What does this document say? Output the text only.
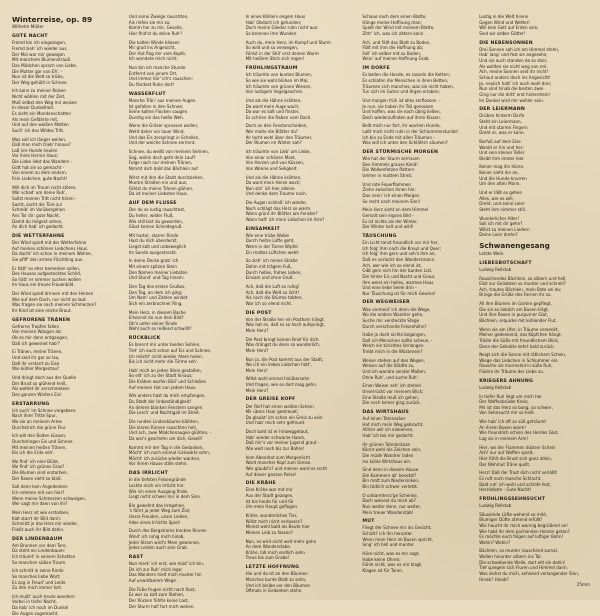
Winterreise, op. 89
Wilhelm Müller
GUTE NACHT
Fremd bin ich eingezogen,
Fremd zieh' ich wieder aus.
Der Mai war mir gewogen
Mit manchem Blumenstrauß.
Das Mädchen sprach von Liebe,
Die Mutter gar von Eh', -
Nun ist die Welt so trübe,
Der Weg gehüllt in Schnee.
Ich kann zu meiner Reisen
Nicht wählen mit der Zeit,
Muß selbst den Weg mir weisen
In dieser Dunkelheit.
Es zieht ein Mondenschatten
Als mein Gefährte mit,
Und auf den weißen Matten
Such' ich des Wildes Tritt.
Was soll ich länger weilen,
Daß man mich trieb' hinaus?
Laß irre Hunde heulen
Vor ihres Herren Haus;
Die Liebe liebt das Wandern -
Gott hat sie so gemacht -
Von einem zu dem andern.
Fein Liebchen, gute Nacht!
Will dich im Traum nicht stören,
Wär schad' um deine Ruh',
Sollst meinen Tritt nicht hören -
Sacht, sacht die Türe zu!
Schreib' im Vorübergehen
Ans Tor dir: gute Nacht,
Damit du mögest sehen,
An dich hab' ich gedacht.
DIE WETTERFAHNE
Der Wind spielt mit der Wetterfahne
Auf meines schönen Liebchens Haus.
Da dacht' ich schon in meinem Wahne,
Sie pfiff' den armen Flüchtling aus.
Er hätt' es eher bemerken sollen,
Des Hauses aufgestecktes Schild,
So hätt' er nimmer suchen wollen
Im Haus ein treues Frauenbild.
Der Wind spielt drinnen mit den Herzen
Wie auf dem Dach, nur nicht so laut.
Was fragen sie nach meinen Schmerzen?
Ihr Kind ist eine reiche Braut.
GEFRORENE TRÄNEN
Gefrorne Tropfen fallen
Von meinen Wangen ab:
Ob es mir denn entgangen,
Daß ich geweinet hab'?
Ei Tränen, meine Tränen,
Und seid ihr gar so lau,
Daß ihr erstarrt zu Eise
Wie kühler Morgentau?
Und dringt doch aus der Quelle
Der Brust so glühend heiß,
Als wolltet ihr zerschmelzen
Des ganzen Winters Eis!
ERSTARRUNG
Ich such' im Schnee vergebens
Nach ihrer Tritte Spur,
Wo sie an meinem Arme
Durchstrich die grüne Flur.
Ich will den Boden küssen,
Durchdringen Eis und Schnee
Mit meinen heißen Tränen,
Bis ich die Erde seh'.
Wo find' ich eine Blüte,
Wo find' ich grünes Gras?
Die Blumen sind erstorben,
Der Rasen sieht so blaß.
Soll denn kein Angedenken
Ich nehmen mit von hier?
Wenn meine Schmerzen schweigen,
Wer sagt mir dann von ihr?
Mein Herz ist wie erstorben,
Kalt starrt ihr Bild darin:
Schmilzt je das Herz mir wieder,
Fließt auch ihr Bild dahin.
DER LINDENBAUM
Am Brunnen vor dem Tore,
Da steht ein Lindenbaum:
Ich träumt' in seinem Schatten
So manchen süßen Traum.
Ich schnitt in seine Rinde
So manches liebe Wort;
Es zog in Freud' und Leide
Zu ihm mich immer fort.
Ich mußt' auch heute wandern
Vorbei in tiefer Nacht,
Da hab' ich noch im Dunkel
Die Augen zugemacht.
Und seine Zweige rauschten,
Als riefen sie mir zu:
Komm her zu mir, Geselle,
Hier find'st du deine Ruh'!
Die kalten Winde bliesen
Mir grad ins Angesicht,
Der Hut flog mir vom Kopfe,
Ich wendete mich nicht.
Nun bin ich manche Stunde
Entfernt von jenem Ort,
Und immer hör' ich's rauschen:
Du fändest Ruhe dort!
WASSERFLUT
Manche Trän' aus meinen Augen
Ist gefallen in den Schnee;
Seine kalten Flocken saugen
Durstig ein das heiße Weh.
Wenn die Gräser sprossen wollen,
Weht daher ein lauer Wind,
Und das Eis zerspringt in Schollen,
Und der weiche Schnee zerrinnt.
Schnee, du weißt von meinem Sehnen,
Sag, wohin doch geht dein Lauf?
Folge nach nur meinen Tränen,
Nimmt dich bald das Bächlein auf.
Wirst mit ihm die Stadt durchziehen,
Muntre Straßen ein und aus;
Fühlst du meine Tränen glühen,
Da ist meiner Liebsten Haus.
AUF DEM FLUSSE
Der du so lustig rauschtest,
Du heller, wilder Fluß,
Wie still bist du geworden,
Gibst keinen Scheidegruß.
Mit harter, starrer Rinde
Hast du dich überdeckt,
Liegst kalt und unbeweglich
Im Sande ausgestreckt.
In deine Decke grab' ich
Mit einem spitzen Stein
Den Namen meiner Liebsten
Und Stund' und Tag hinein:
Den Tag des ersten Grußes,
Den Tag, an dem ich ging;
Um Nam' und Zahlen windet
Sich ein zerbrochner Ring.
Mein Herz, in diesem Bache
Erkennst du nun dein Bild?
Ob's unter seiner Rinde
Wohl auch so reißend schwillt?
RÜCKBLICK
Es brennt mir unter beiden Sohlen,
Tret' ich auch schon auf Eis und Schnee,
Ich möcht' nicht wieder Atem holen,
Bis ich nicht mehr die Türme seh'.
Hab' mich an jeden Stein gestoßen,
So eilt' ich zu der Stadt hinaus;
Die Krähen warfen Bäll' und Schloßen
Auf meinen Hut von jedem Haus.
Wie anders hast du mich empfangen,
Du Stadt der Unbeständigkeit!
An deinen blanken Fenstern sangen
Die Lerch' und Nachtigall im Streit.
Die runden Lindenbäume blühten,
Die klaren Rinnen rauschten hell,
Und ach, zwei Mädchenaugen glühten, -
Da war's geschehn um dich, Gesell!
Kommt mir der Tag in die Gedanken,
Möcht' ich noch einmal rückwärts sehn,
Möcht' ich zurücke wieder wanken,
Vor ihrem Hause stille stehn.
DAS IRRLICHT
In die tiefsten Felsengründe
Lockte mich ein Irrlicht hin:
Wie ich einen Ausgang finde,
Liegt nicht schwer mir in dem Sinn.
Bin gewohnt das Irregehen,
's führt ja jeder Weg zum Ziel;
Unsre Freuden, unsre Leiden,
Alles eines Irrlichts Spiel!
Durch des Bergstroms trockne Rinnen
Wind' ich ruhig mich hinab,
Jeder Strom wird's Meer gewinnen,
Jedes Leiden auch sein Grab.
RAST
Nun merk' ich erst, wie müd' ich bin,
Da ich zur Ruh' mich lege;
Das Wandern hielt mich munter hin
Auf unwirtbarem Wege.
Die Füße frugen nicht nach Rast,
Es war zu kalt zum Stehen,
Der Rücken fühlte keine Last,
Der Sturm half fort mich wehen.
In eines Köhlers engem Haus
Hab' Obdach ich gefunden;
Doch meine Glieder ruhn nicht aus:
So brennen ihre Wunden.
Auch du, mein Herz, im Kampf und Sturm
So wild und so verwegen,
Fühlst in der Still' erst deinen Wurm
Mit heißem Stich sich regen!
FRÜHLINGSTRAUM
Ich träumte von bunten Blumen,
So wie sie wohl blühen im Mai;
Ich träumte von grünen Wiesen,
Von lustigem Vogelgeschrei.
Und als die Hähne krähten,
Da ward mein Auge wach;
Da war es kalt und finster,
Es schrien die Raben vom Dach.
Doch an den Fensterscheiben,
Wer malte die Blätter da?
Ihr lacht wohl über den Träumer,
Der Blumen im Winter sah?
Ich träumte von Lieb' um Liebe,
Von einer schönen Maid,
Von Herzen und von Küssen,
Von Wonne und Seligkeit.
Und als die Hähne krähten,
Da ward mein Herze wach;
Nun sitz' ich hier alleine
Und denke dem Traume nach.
Die Augen schließ' ich wieder,
Noch schlägt das Herz so warm.
Wann grünt ihr Blätter am Fenster?
Wann halt' ich mein Liebchen im Arm?
EINSAMKEIT
Wie eine trübe Wolke
Durch heitre Lüfte geht,
Wenn in der Tanne Wipfel
Ein mattes Lüftchen weht:
So zieh' ich meine Straße
Dahin mit trägem Fuß,
Durch helles, frohes Leben,
Einsam und ohne Gruß.
Ach, daß die Luft so ruhig!
Ach, daß die Welt so licht!
Als noch die Stürme tobten,
War ich so elend nicht.
DIE POST
Von der Straße her ein Posthorn klingt.
Was hat es, daß es so hoch aufspringt,
Mein Herz?
Die Post bringt keinen Brief für dich.
Was drängst du denn so wunderlich,
Mein Herz?
Nun ja, die Post kommt aus der Stadt,
Wo ich ein liebes Liebchen hatt',
Mein Herz!
Willst wohl einmal hinübersehn
Und fragen, wie es dort mag gehn,
Mein Herz?
DER GREISE KOPF
Der Reif hat einen weißen Schein
Mir übers Haar gestreuet;
Da glaubt' ich schon ein Greis zu sein
Und hab' mich sehr gefreuet.
Doch bald ist er hinweggetaut,
Hab' wieder schwarze Haare,
Daß mir's vor meiner Jugend graut -
Wie weit noch bis zur Bahre!
Vom Abendrot zum Morgenlicht
Ward mancher Kopf zum Greise.
Wer glaubt's? und meiner ward es nicht
Auf dieser ganzen Reise!
DIE KRÄHE
Eine Krähe war mit mir
Aus der Stadt gezogen,
Ist bis heute für und für
Um mein Haupt geflogen.
Krähe, wunderliches Tier,
Willst mich nicht verlassen?
Meinst wohl bald als Beute hier
Meinen Leib zu fassen?
Nun, es wird nicht weit mehr gehn
An dem Wanderstabe.
Krähe, laß mich endlich sehn
Treue bis zum Grabe!
LETZTE HOFFNUNG
Hie und da ist an den Bäumen
Manches bunte Blatt zu sehn,
Und ich bleibe vor den Bäumen
Oftmals in Gedanken stehn.
Schaue nach dem einen Blatte,
Hänge meine Hoffnung dran;
Spielt der Wind mit meinem Blatte,
Zittr' ich, was ich zittern kann.
Ach, und fällt das Blatt zu Boden,
Fällt mit ihm die Hoffnung ab;
Fall' ich selber mit zu Boden,
Wein' auf meiner Hoffnung Grab.
IM DORFE
Es bellen die Hunde, es rasseln die Ketten;
Es schlafen die Menschen in ihren Betten,
Träumen sich manches, was sie nicht haben,
Tun sich im Guten und Argen erlaben;
Und morgen früh ist alles zerflossen. -
Je nun, sie haben ihr Teil genossen
Und hoffen, was sie noch übrig ließen,
Doch wiederzufinden auf ihren Kissen.
Bellt mich nur fort, ihr wachen Hunde,
Laßt mich nicht ruhn in der Schlummerstunde!
Ich bin zu Ende mit allen Träumen -
Was will ich unter den Schläfern säumen?
DER STÜRMISCHE MORGEN
Wie hat der Sturm zerrissen
Des Himmels graues Kleid!
Die Wolkenfetzen flattern
Umher in mattem Streit.
Und rote Feuerflammen
Ziehn zwischen ihnen hin:
Das nenn' ich einen Morgen
So recht nach meinem Sinn!
Mein Herz sieht an dem Himmel
Gemalt sein eignes Bild -
Es ist nichts als der Winter,
Der Winter kalt und wild!
TÄUSCHUNG
Ein Licht tanzt freundlich vor mir her,
Ich folg' ihm nach die Kreuz und Quer;
Ich folg' ihm gern und seh's ihm an,
Daß es verlockt den Wandersmann.
Ach, wer wie ich so elend ist,
Gibt gern sich hin der bunten List,
Die hinter Eis und Nacht und Graus
Ihm weist ein helles, warmes Haus
Und eine liebe Seele drin -
Nur Täuschung ist für mich Gewinn!
DER WEGWEISER
Was vermeid' ich denn die Wege,
Wo die andern Wandrer gehn,
Suche mir versteckte Stege
Durch verschneite Felsenhöhn?
Habe ja doch nichts begangen,
Daß ich Menschen sollte scheun, -
Welch ein törichtes Verlangen
Treibt mich in die Wüstenein?
Weiser stehen auf den Wegen,
Weisen auf die Städte zu,
Und ich wandre sonder Maßen,
Ohne Ruh', und suche Ruh'.
Einen Weiser seh' ich stehen
Unverrückt vor meinem Blick;
Eine Straße muß ich gehen,
Die noch keiner ging zurück.
DAS WIRTSHAUS
Auf einen Totenacker
Hat mich mein Weg gebracht.
Allhier will ich einkehren,
Hab' ich bei mir gedacht.
Ihr grünen Totenkränze
Könnt wohl die Zeichen sein,
Die müde Wandrer laden
Ins kühle Wirtshaus ein.
Sind denn in diesem Hause
Die Kammern all' besetzt?
Bin matt zum Niedersinken,
Bin tödlich schwer verletzt.
O unbarmherz'ge Schenke,
Doch weisest du mich ab?
Nun weiter denn, nur weiter,
Mein treuer Wanderstab!
MUT
Fliegt der Schnee mir ins Gesicht,
Schüttl' ich ihn herunter.
Wenn mein Herz im Busen spricht,
Sing' ich hell und munter.
Höre nicht, was es mir sagt,
Habe keine Ohren;
Fühle nicht, was es mir klagt,
Klagen ist für Toren.
Lustig in die Welt hinein
Gegen Wind und Wetter!
Will kein Gott auf Erden sein,
Sind wir selber Götter!
DIE NEBENSONNEN
Drei Sonnen sah ich am Himmel stehn,
Hab' lang' und fest sie angesehn;
Und sie auch standen da so stier,
Als wollten sie nicht weg von mir.
Ach, meine Sonnen seid ihr nicht!
Schaut andern doch ins Angesicht!
Ja, neulich hatt' ich auch wohl drei;
Nun sind hinab die besten zwei.
Ging nur die dritt' erst hinterdrein!
Im Dunkel wird mir wohler sein.
DER LEIERMANN
Drüben hinterm Dorfe
Steht ein Leiermann,
Und mit starren Fingern
Dreht er, was er kann.
Barfuß auf dem Eise
Wankt er hin und her;
Und sein kleiner Teller
Bleibt ihm immer leer.
Keiner mag ihn hören,
Keiner sieht ihn an,
Und die Hunde knurren
Um den alten Mann.
Und er läßt es gehen
Alles, wie es will,
Dreht, und seine Leier
Steht ihm nimmer still.
Wunderlicher Alter!
Soll ich mit dir gehn?
Willst zu meinen Liedern
Deine Leier drehn?
Schwanengesang
Letzte Werk
LIEBESBOTSCHAFT
Ludwig Rellstab
Rauschendes Bächlein, so silbern und hell,
Eilst zur Geliebten so munter und schnell?
Ach, trautes Bächlein, mein Bote sei du;
Bringe die Grüße des Fernen ihr zu.
All ihre Blumen im Garten gepflegt,
Die sie so lieblich am Busen trägt,
Und ihre Rosen in purpurner Glut,
Bächlein, erquicke mit kühlender Flut.
Wenn sie am Ufer, in Träume versenkt,
Meiner gedenkend, das Köpfchen hängt,
Tröste die Süße mit freundlichem Blick,
Denn der Geliebte kehrt bald zurück.
Neigt sich die Sonne mit rötlichem Schein,
Wiege das Liebchen in Schlummer ein.
Rausche sie murmelnd in süße Ruh,
Flüstre ihr Träume der Liebe zu.
KRIEGERS AHNUNG
Ludwig Rellstab
In tiefer Ruh liegt um mich her
Der Waffenbrüder Kreis;
Mir ist das Herz so bang, so schwer,
Von Sehnsucht mir so heiß.
Wie hab' ich oft so süß geträumt
An ihrem Busen warm!
Wie freundlich schien des Herdes Glut,
Lag sie in meinem Arm!
Hier, wo der Flammen düstrer Schein
Ach! nur auf Waffen spielt,
Hier fühlt die Brust sich ganz allein,
Der Wehmut Träne quillt.
Herz! Daß der Trost dich nicht verläßt!
Es ruft noch manche Schlacht.
Bald ruh' ich wohl und schlafe fest,
Herzliebste - Gute Nacht!
FRÜHLINGSSEHNSUCHT
Ludwig Rellstab
Säuselnde Lüfte wehend so mild,
Blumiger Düfte atmend erfüllt!
Wie haucht ihr mich wonnig begrüßend an!
Wie habt ihr dem pochenden Herzen getan?
Es möchte euch folgen auf luftiger Bahn!
Wohin? Wohin?
Bächlein, so munter rauschend zumal,
Wollen hinunter silbern ins Tal.
Die schwebende Welle, dort eilt sie dahin!
Tief spiegeln sich Fluren und Himmel darin.
Was ziehst du mich, sehnend verlangender Sinn,
Hinab? Hinab?
25mm
